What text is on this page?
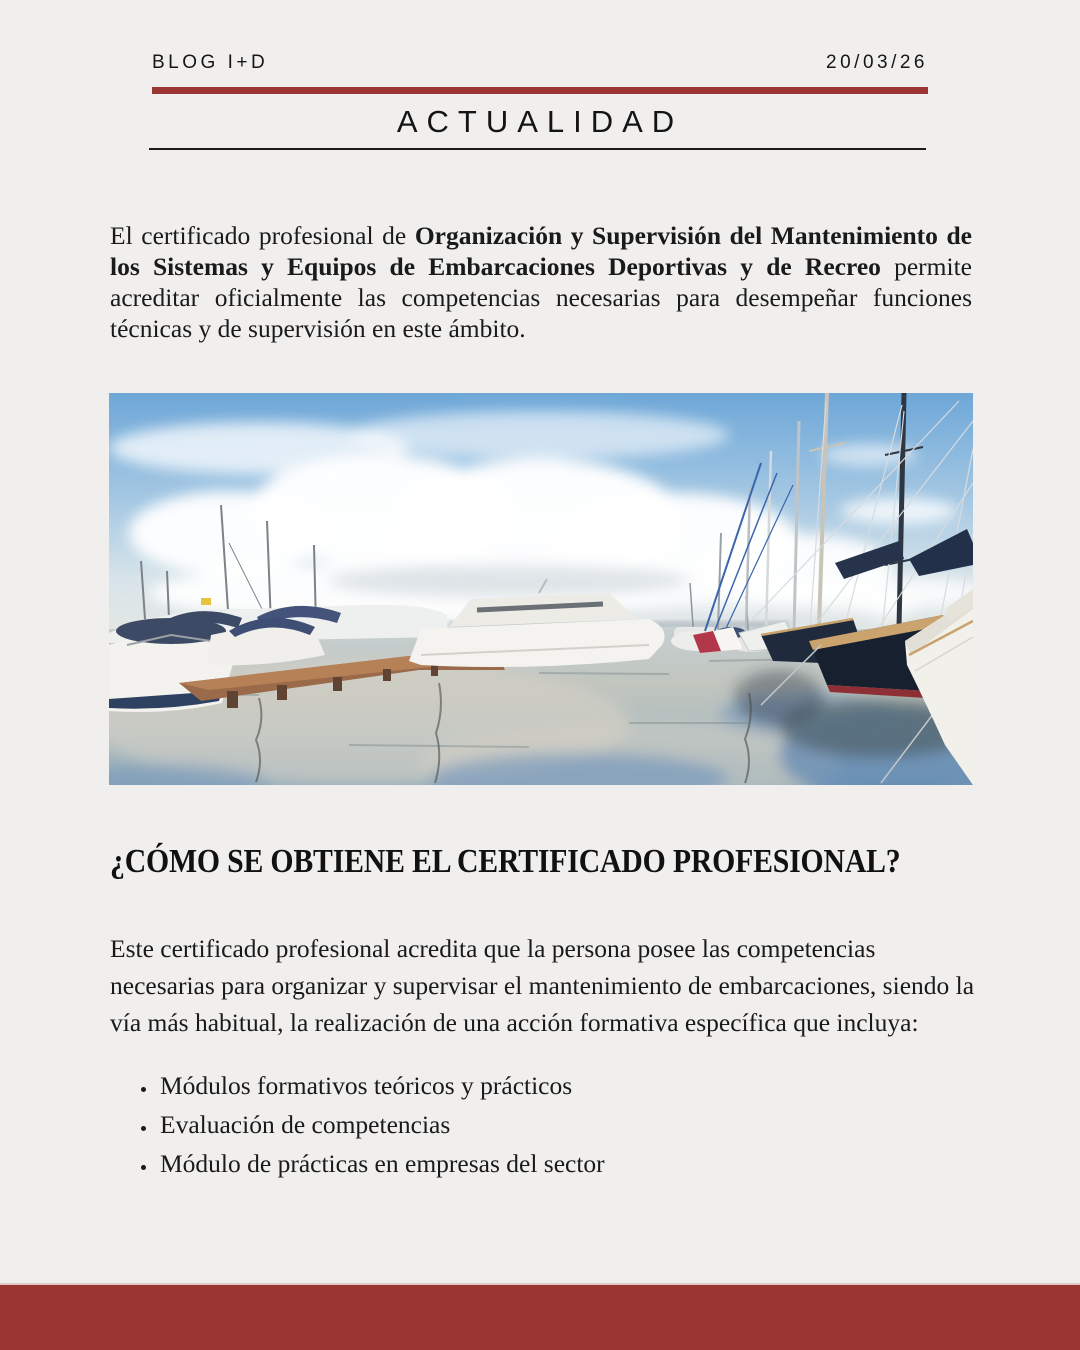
BLOG I+D	20/03/26
ACTUALIDAD

El certificado profesional de Organización y Supervisión del Mantenimiento de los Sistemas y Equipos de Embarcaciones Deportivas y de Recreo permite acreditar oficialmente las competencias necesarias para desempeñar funciones técnicas y de supervisión en este ámbito.

¿CÓMO SE OBTIENE EL CERTIFICADO PROFESIONAL?

Este certificado profesional acredita que la persona posee las competencias necesarias para organizar y supervisar el mantenimiento de embarcaciones, siendo la vía más habitual, la realización de una acción formativa específica que incluya:

• Módulos formativos teóricos y prácticos
• Evaluación de competencias
• Módulo de prácticas en empresas del sector
